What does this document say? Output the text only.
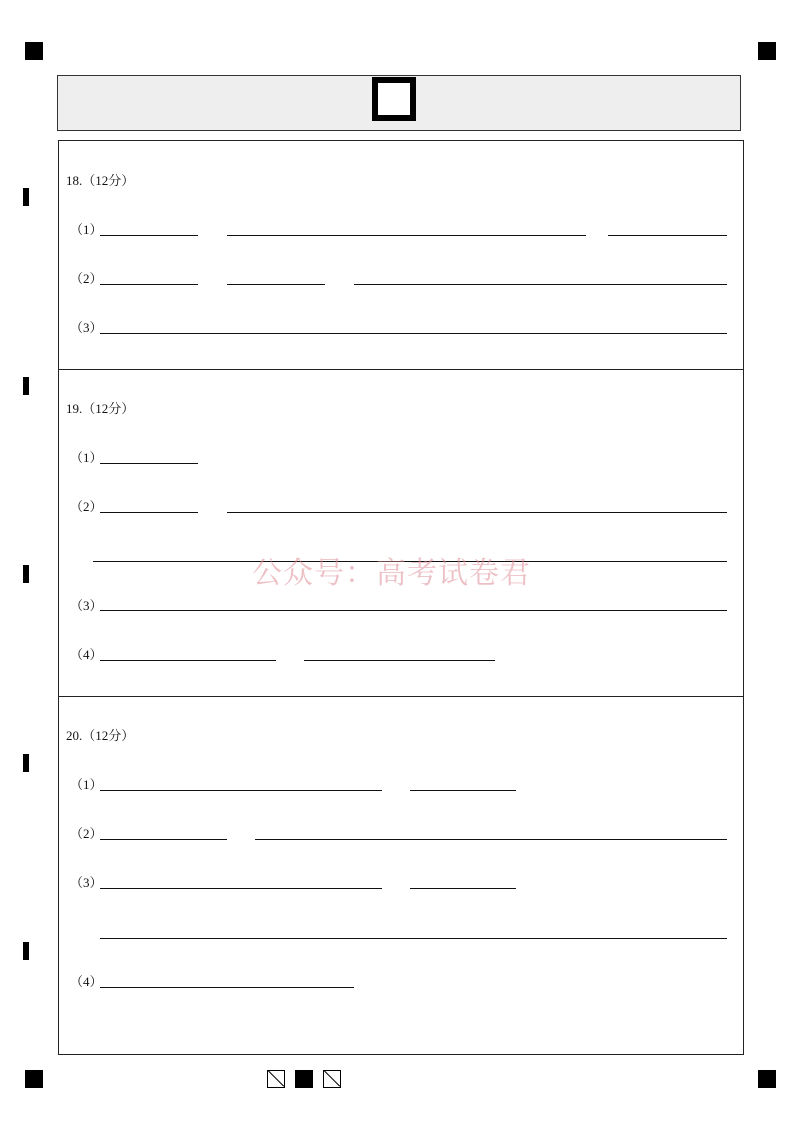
18.（12分）
（1）
（2）
（3）
19.（12分）
（1）
（2）
公众号：高考试卷君
（3）
（4）
20.（12分）
（1）
（2）
（3）
（4）
